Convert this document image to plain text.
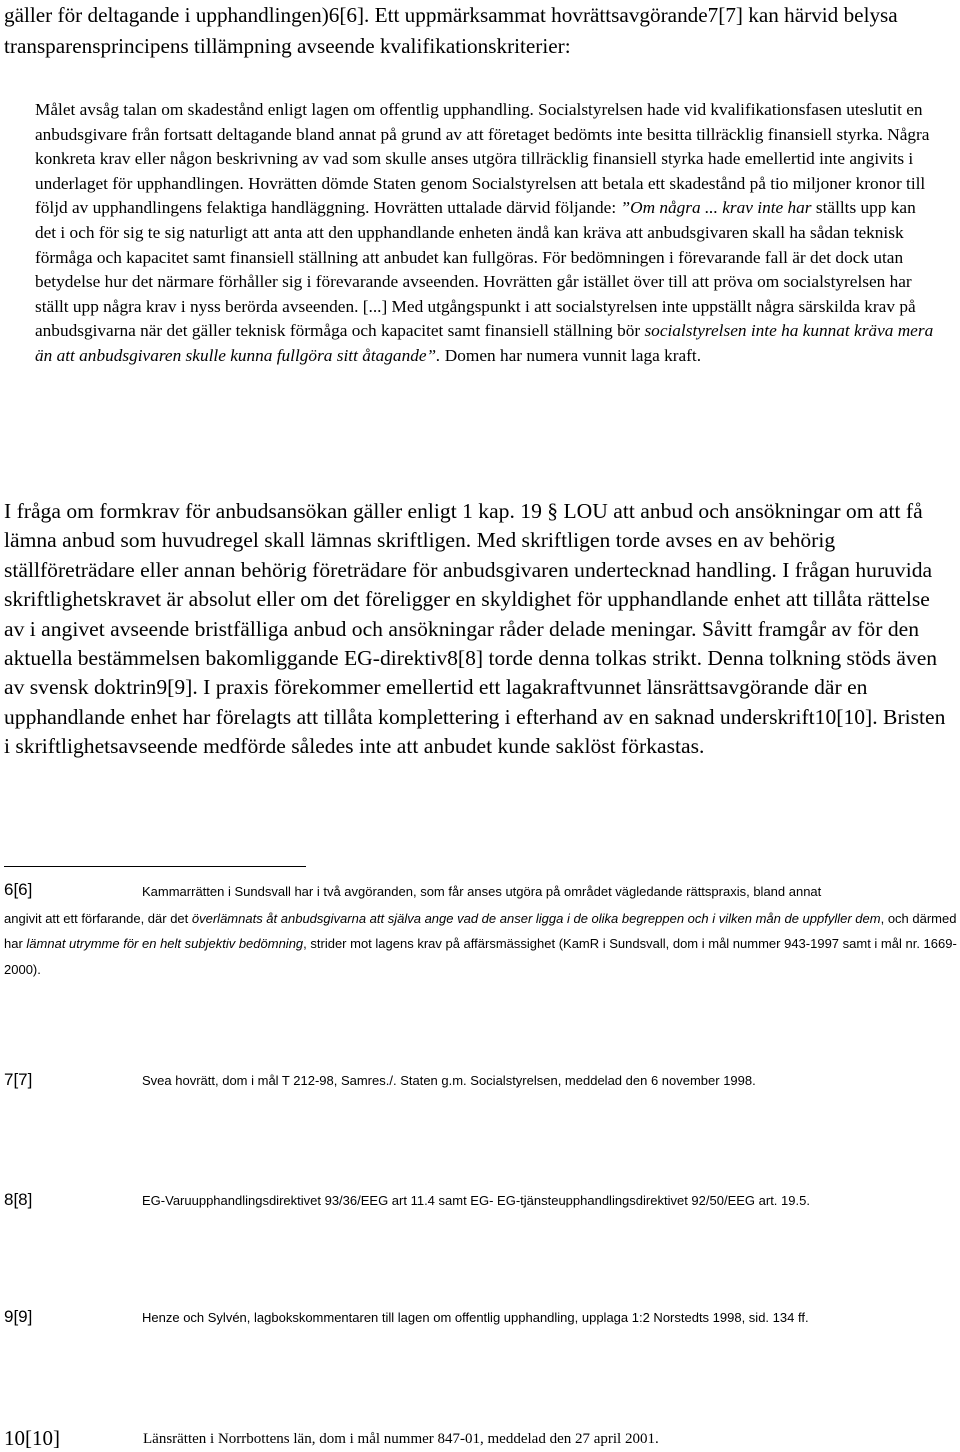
gäller för deltagande i upphandlingen)6[6]. Ett uppmärksammat hovrättsavgörande7[7] kan härvid belysa transparensprincipens tillämpning avseende kvalifikationskriterier:

Målet avsåg talan om skadestånd enligt lagen om offentlig upphandling. Socialstyrelsen hade vid kvalifikationsfasen uteslutit en anbudsgivare från fortsatt deltagande bland annat på grund av att företaget bedömts inte besitta tillräcklig finansiell styrka. Några konkreta krav eller någon beskrivning av vad som skulle anses utgöra tillräcklig finansiell styrka hade emellertid inte angivits i underlaget för upphandlingen. Hovrätten dömde Staten genom Socialstyrelsen att betala ett skadestånd på tio miljoner kronor till följd av upphandlingens felaktiga handläggning. Hovrätten uttalade därvid följande: ”Om några ... krav inte har ställts upp kan det i och för sig te sig naturligt att anta att den upphandlande enheten ändå kan kräva att anbudsgivaren skall ha sådan teknisk förmåga och kapacitet samt finansiell ställning att anbudet kan fullgöras. För bedömningen i förevarande fall är det dock utan betydelse hur det närmare förhåller sig i förevarande avseenden. Hovrätten går istället över till att pröva om socialstyrelsen har ställt upp några krav i nyss berörda avseenden. [...] Med utgångspunkt i att socialstyrelsen inte uppställt några särskilda krav på anbudsgivarna när det gäller teknisk förmåga och kapacitet samt finansiell ställning bör socialstyrelsen inte ha kunnat kräva mera än att anbudsgivaren skulle kunna fullgöra sitt åtagande”. Domen har numera vunnit laga kraft.

I fråga om formkrav för anbudsansökan gäller enligt 1 kap. 19 § LOU att anbud och ansökningar om att få lämna anbud som huvudregel skall lämnas skriftligen. Med skriftligen torde avses en av behörig ställföreträdare eller annan behörig företrädare för anbudsgivaren undertecknad handling. I frågan huruvida skriftlighetskravet är absolut eller om det föreligger en skyldighet för upphandlande enhet att tillåta rättelse av i angivet avseende bristfälliga anbud och ansökningar råder delade meningar. Såvitt framgår av för den aktuella bestämmelsen bakomliggande EG-direktiv8[8] torde denna tolkas strikt. Denna tolkning stöds även av svensk doktrin9[9]. I praxis förekommer emellertid ett lagakraftvunnet länsrättsavgörande där en upphandlande enhet har förelagts att tillåta komplettering i efterhand av en saknad underskrift10[10]. Bristen i skriftlighetsavseende medförde således inte att anbudet kunde saklöst förkastas.

6[6]	Kammarrätten i Sundsvall har i två avgöranden, som får anses utgöra på området vägledande rättspraxis, bland annat

angivit att ett förfarande, där det överlämnats åt anbudsgivarna att själva ange vad de anser ligga i de olika begreppen och i vilken mån de uppfyller dem, och därmed har lämnat utrymme för en helt subjektiv bedömning, strider mot lagens krav på affärsmässighet (KamR i Sundsvall, dom i mål nummer 943-1997 samt i mål nr. 1669-2000).

7[7]	Svea hovrätt, dom i mål T 212-98, Samres./. Staten g.m. Socialstyrelsen, meddelad den 6 november 1998.
8[8]	EG-Varuupphandlingsdirektivet 93/36/EEG art 11.4 samt EG- EG-tjänsteupphandlingsdirektivet 92/50/EEG art. 19.5.
9[9]	Henze och Sylvén, lagbokskommentaren till lagen om offentlig upphandling, upplaga 1:2 Norstedts 1998, sid. 134 ff.
10[10]	Länsrätten i Norrbottens län, dom i mål nummer 847-01, meddelad den 27 april 2001.
